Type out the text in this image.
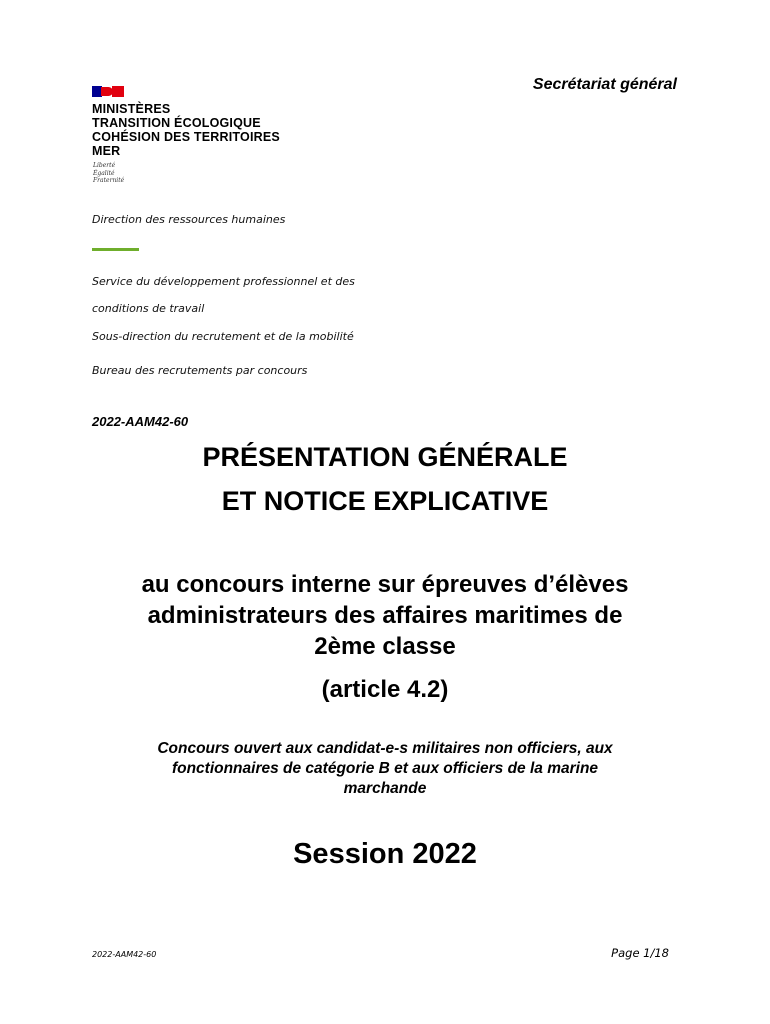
Secrétariat général
MINISTÈRES
TRANSITION ÉCOLOGIQUE
COHÉSION DES TERRITOIRES
MER
Liberté
Égalité
Fraternité
Direction des ressources humaines
Service du développement professionnel et des
conditions de travail
Sous-direction du recrutement et de la mobilité
Bureau des recrutements par concours
2022-AAM42-60
PRÉSENTATION GÉNÉRALE
ET NOTICE EXPLICATIVE
au concours interne sur épreuves d’élèves
administrateurs des affaires maritimes de
2ème classe
(article 4.2)
Concours ouvert aux candidat-e-s militaires non officiers, aux
fonctionnaires de catégorie B et aux officiers de la marine
marchande
Session 2022
2022-AAM42-60	Page 1/18
